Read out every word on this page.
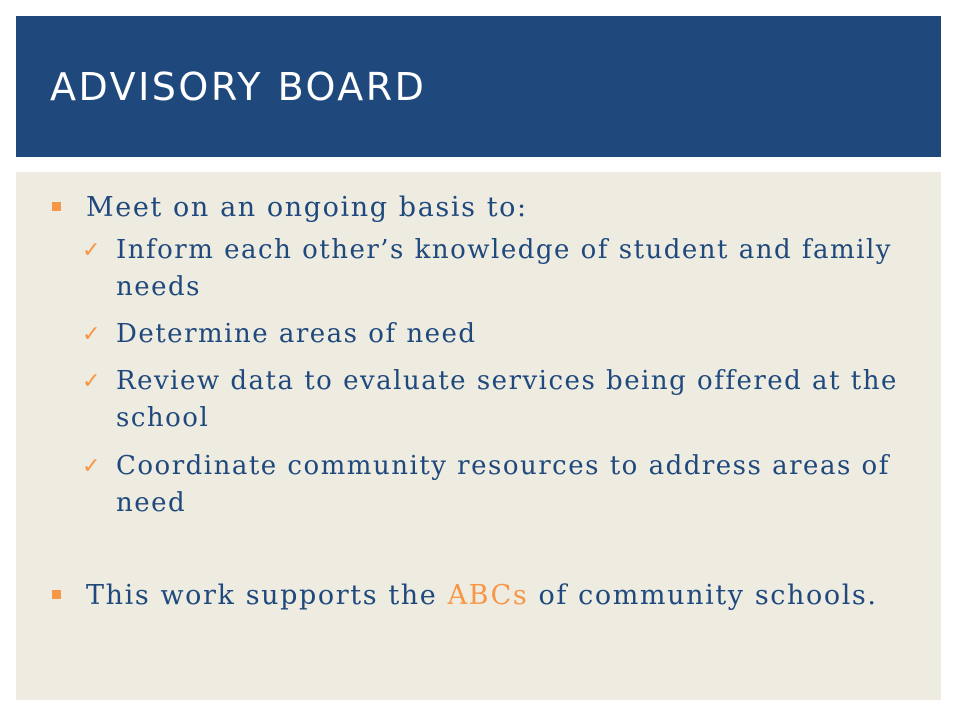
ADVISORY BOARD
Meet on an ongoing basis to:
✓ Inform each other’s knowledge of student and family needs
✓ Determine areas of need
✓ Review data to evaluate services being offered at the school
✓ Coordinate community resources to address areas of need
This work supports the ABCs of community schools.
